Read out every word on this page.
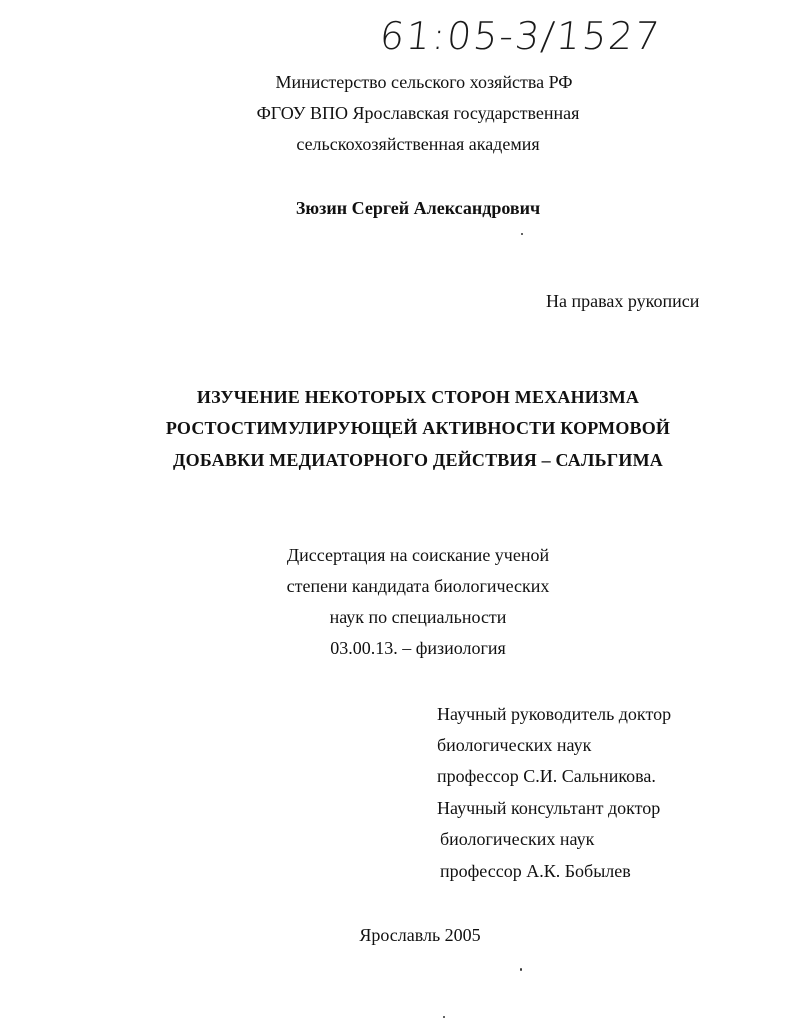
61:05-3/1527
Министерство сельского хозяйства РФ
ФГОУ ВПО Ярославская государственная
сельскохозяйственная академия
Зюзин Сергей Александрович
На правах рукописи
ИЗУЧЕНИЕ НЕКОТОРЫХ СТОРОН МЕХАНИЗМА
РОСТОСТИМУЛИРУЮЩЕЙ АКТИВНОСТИ КОРМОВОЙ
ДОБАВКИ МЕДИАТОРНОГО ДЕЙСТВИЯ – САЛЬГИМА
Диссертация на соискание ученой
степени кандидата биологических
наук по специальности
03.00.13. – физиология
Научный руководитель доктор
биологических наук
профессор С.И. Сальникова.
Научный консультант доктор
биологических наук
профессор А.К. Бобылев
Ярославль 2005
